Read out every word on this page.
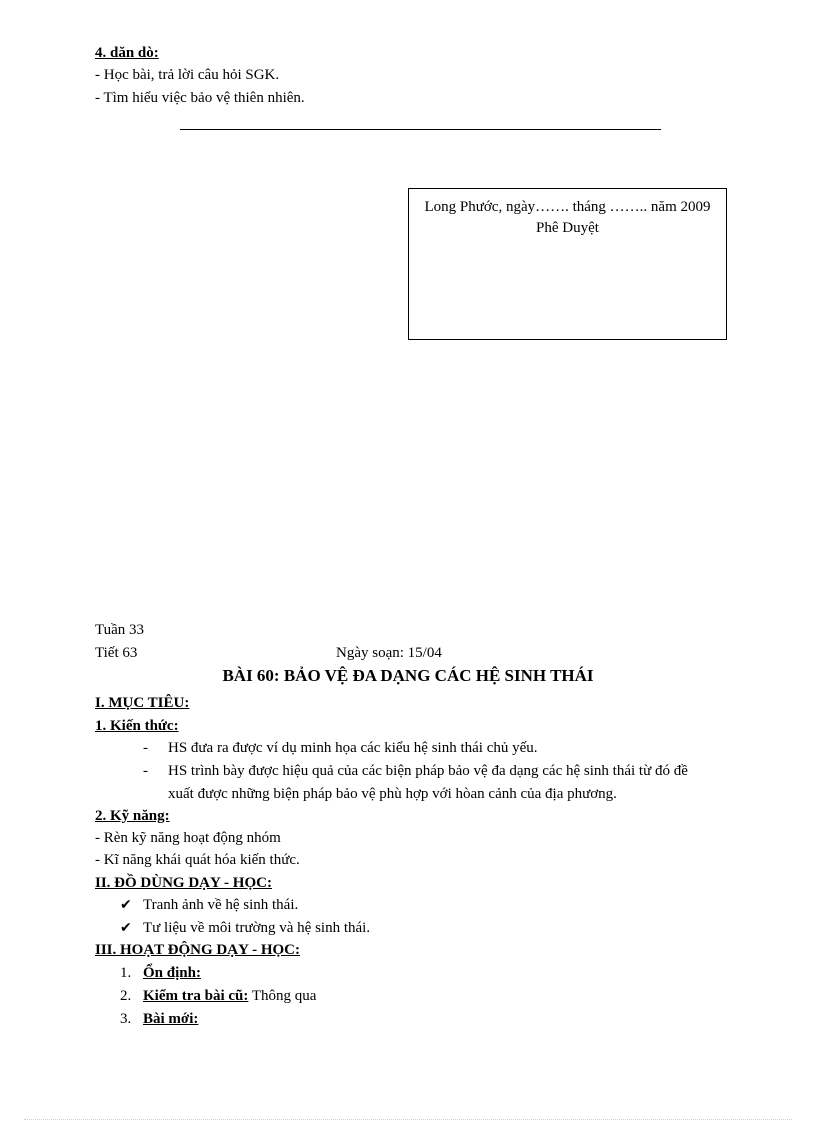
4. dăn dò:
- Học bài, trả lời câu hỏi SGK.
- Tìm hiểu việc bảo vệ thiên nhiên.
Long Phước, ngày……. tháng …….. năm 2009
Phê Duyệt
Tuần 33
Tiết 63	Ngày soạn: 15/04
BÀI 60: BẢO VỆ ĐA DẠNG CÁC HỆ SINH THÁI
I. MỤC TIÊU:
1. Kiến thức:
- HS đưa ra được ví dụ minh họa các kiểu hệ sinh thái chủ yếu.
- HS trình bày được hiệu quả của các biện pháp bảo vệ đa dạng các hệ sinh thái từ đó đề
xuất được những biện pháp bảo vệ phù hợp với hòan cảnh của địa phương.
2. Kỹ năng:
- Rèn kỹ năng hoạt động nhóm
- Kĩ năng khái quát hóa kiến thức.
II. ĐỒ DÙNG DẠY - HỌC:
✔ Tranh ảnh về hệ sinh thái.
✔ Tư liệu về môi trường và hệ sinh thái.
III. HOẠT ĐỘNG DẠY - HỌC:
1. Ổn định:
2. Kiểm tra bài cũ: Thông qua
3. Bài mới:
